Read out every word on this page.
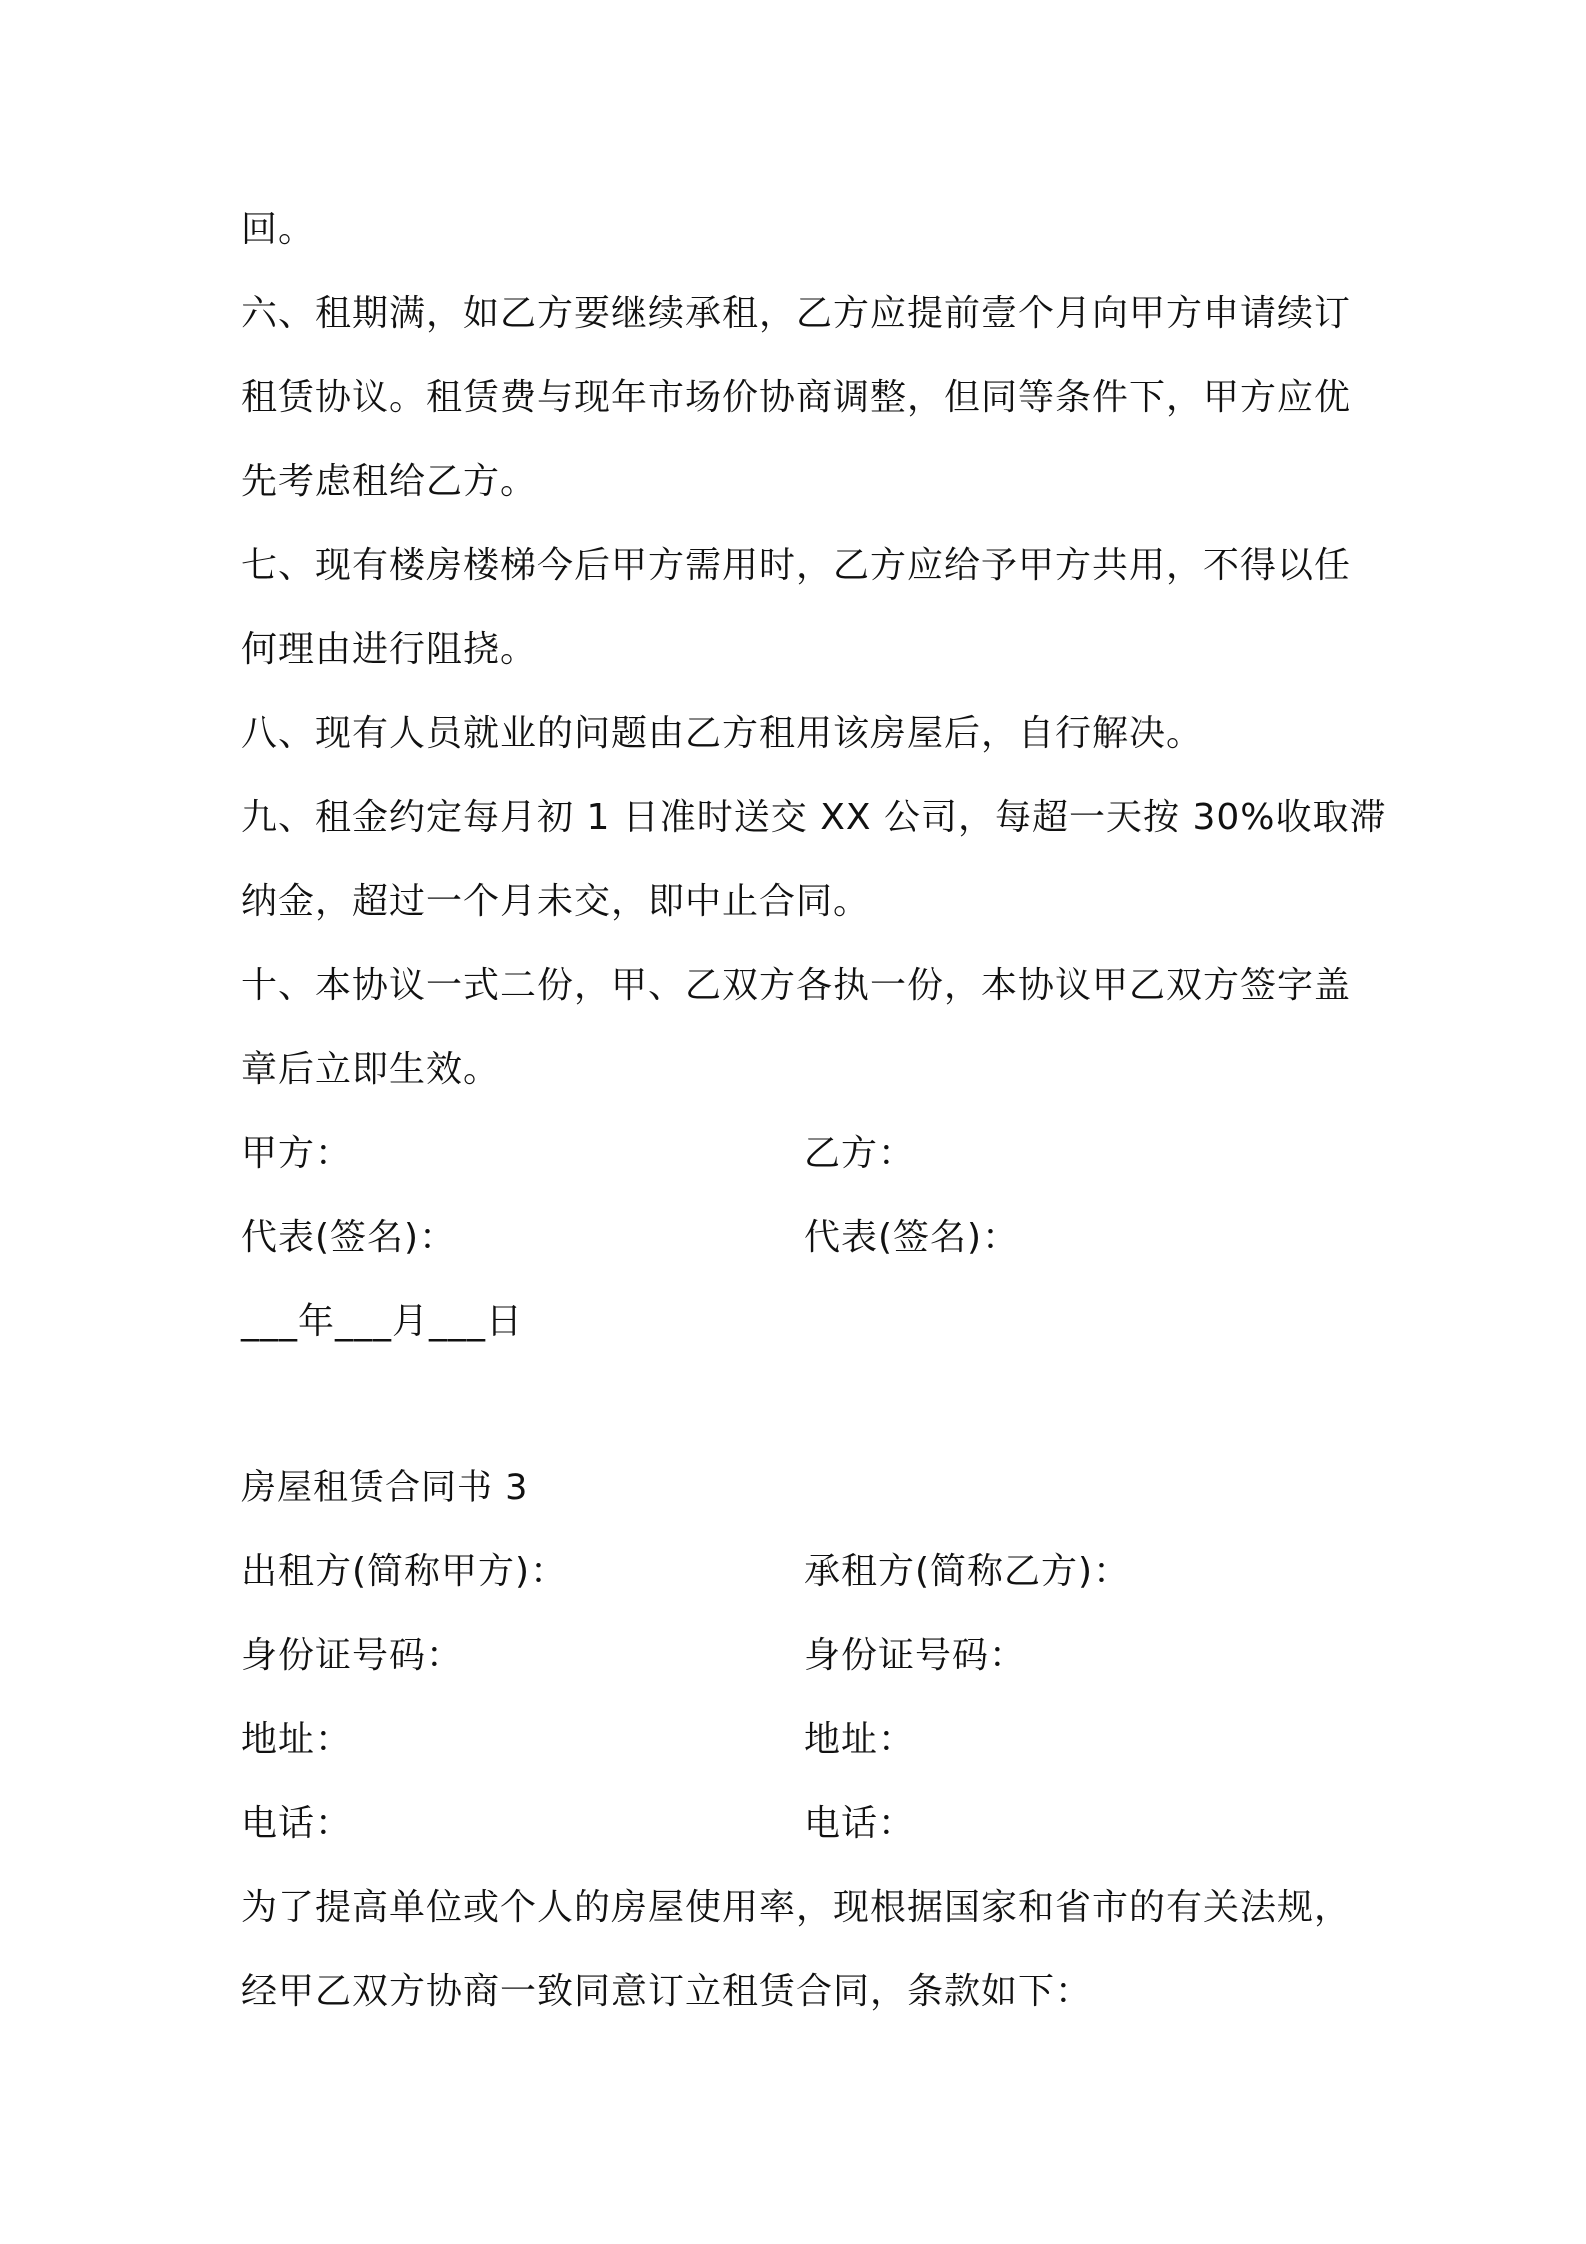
回。
六、租期满，如乙方要继续承租，乙方应提前壹个月向甲方申请续订
租赁协议。租赁费与现年市场价协商调整，但同等条件下，甲方应优
先考虑租给乙方。
七、现有楼房楼梯今后甲方需用时，乙方应给予甲方共用，不得以任
何理由进行阻挠。
八、现有人员就业的问题由乙方租用该房屋后，自行解决。
九、租金约定每月初 1 日准时送交 XX 公司，每超一天按 30%收取滞
纳金，超过一个月未交，即中止合同。
十、本协议一式二份，甲、乙双方各执一份，本协议甲乙双方签字盖
章后立即生效。
甲方：	乙方：
代表(签名)：	代表(签名)：
___年___月___日
房屋租赁合同书 3
出租方(简称甲方)：	承租方(简称乙方)：
身份证号码：	身份证号码：
地址：	地址：
电话：	电话：
为了提高单位或个人的房屋使用率，现根据国家和省市的有关法规，
经甲乙双方协商一致同意订立租赁合同，条款如下：
